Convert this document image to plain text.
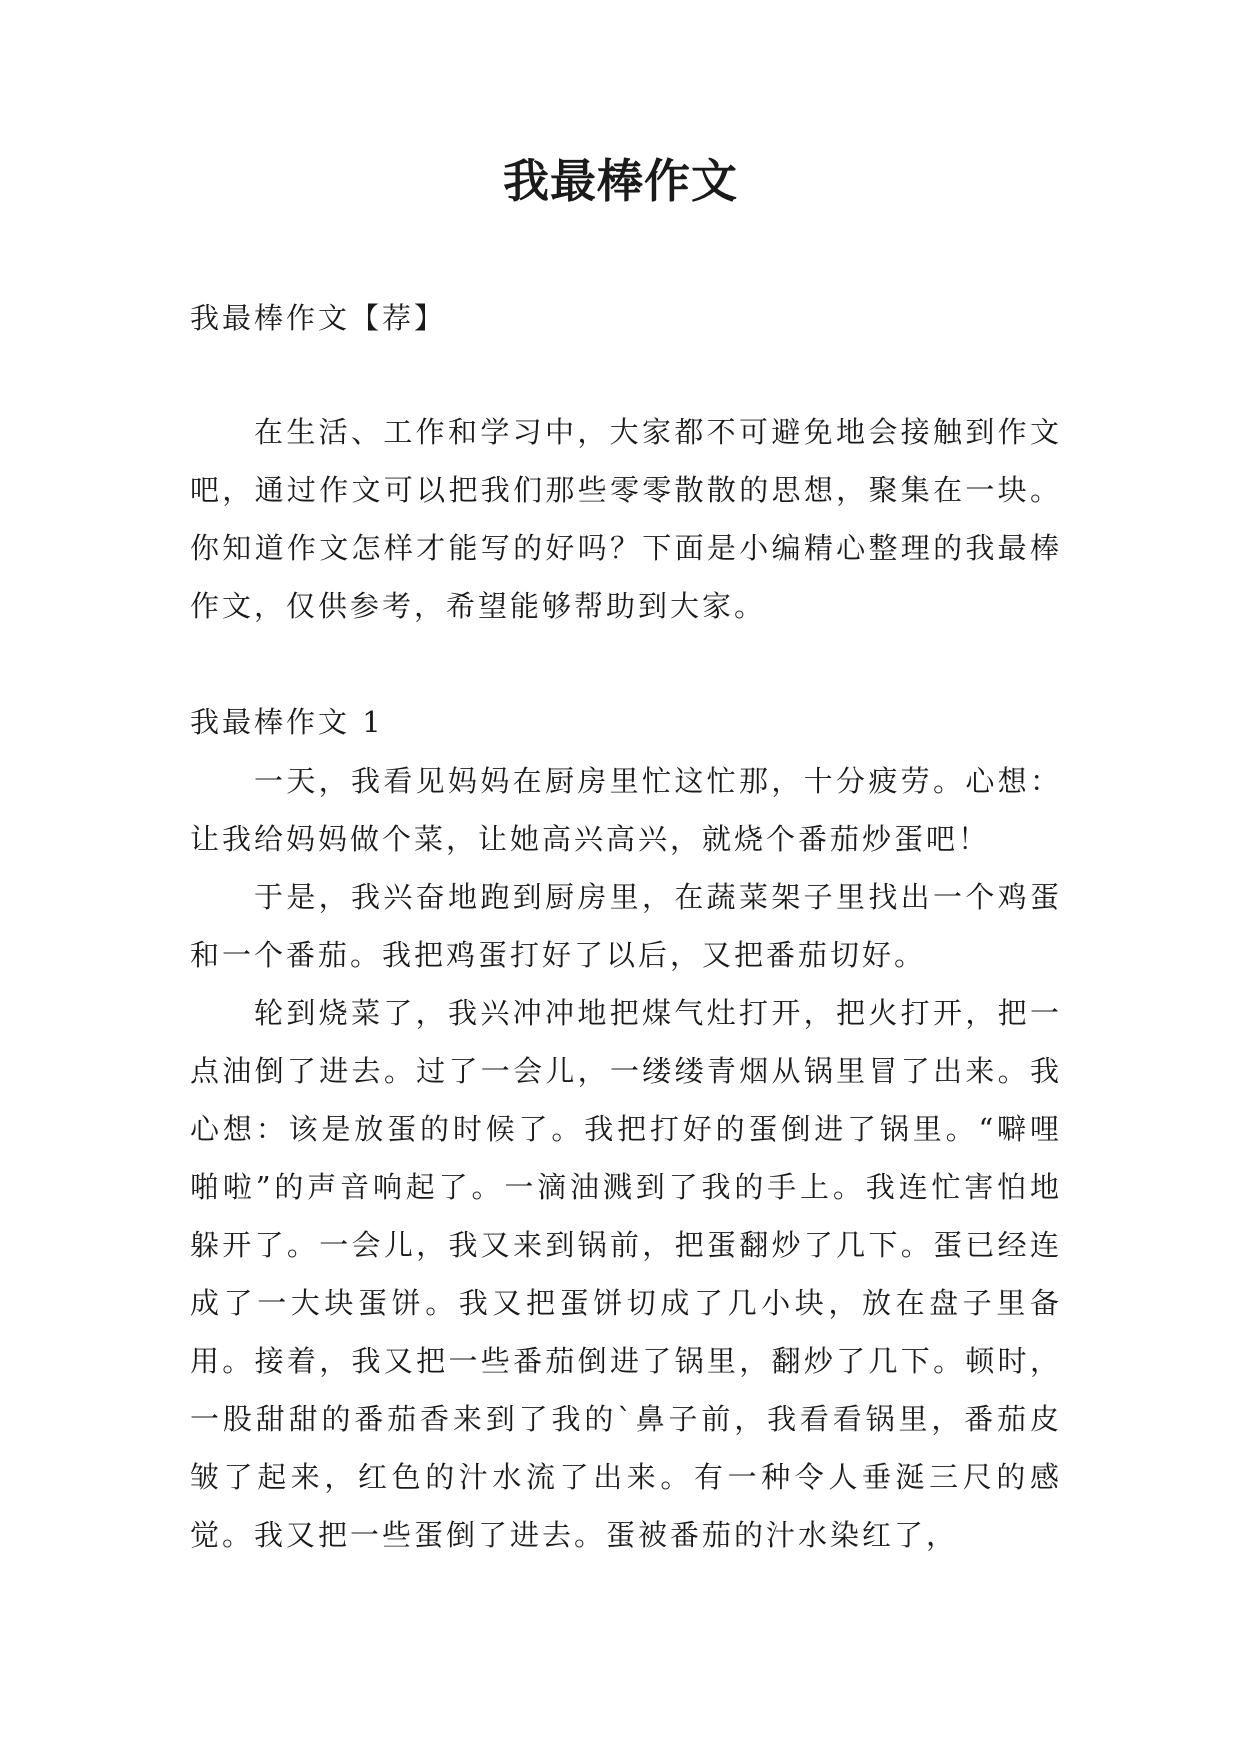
我最棒作文
我最棒作文【荐】

在生活、工作和学习中，大家都不可避免地会接触到作文吧，通过作文可以把我们那些零零散散的思想，聚集在一块。你知道作文怎样才能写的好吗？下面是小编精心整理的我最棒作文，仅供参考，希望能够帮助到大家。

我最棒作文 1

一天，我看见妈妈在厨房里忙这忙那，十分疲劳。心想：让我给妈妈做个菜，让她高兴高兴，就烧个番茄炒蛋吧！

于是，我兴奋地跑到厨房里，在蔬菜架子里找出一个鸡蛋和一个番茄。我把鸡蛋打好了以后，又把番茄切好。

轮到烧菜了，我兴冲冲地把煤气灶打开，把火打开，把一点油倒了进去。过了一会儿，一缕缕青烟从锅里冒了出来。我心想：该是放蛋的时候了。我把打好的蛋倒进了锅里。“噼哩啪啦”的声音响起了。一滴油溅到了我的手上。我连忙害怕地躲开了。一会儿，我又来到锅前，把蛋翻炒了几下。蛋已经连成了一大块蛋饼。我又把蛋饼切成了几小块，放在盘子里备用。接着，我又把一些番茄倒进了锅里，翻炒了几下。顿时，一股甜甜的番茄香来到了我的`鼻子前，我看看锅里，番茄皮皱了起来，红色的汁水流了出来。有一种令人垂涎三尺的感觉。我又把一些蛋倒了进去。蛋被番茄的汁水染红了，
